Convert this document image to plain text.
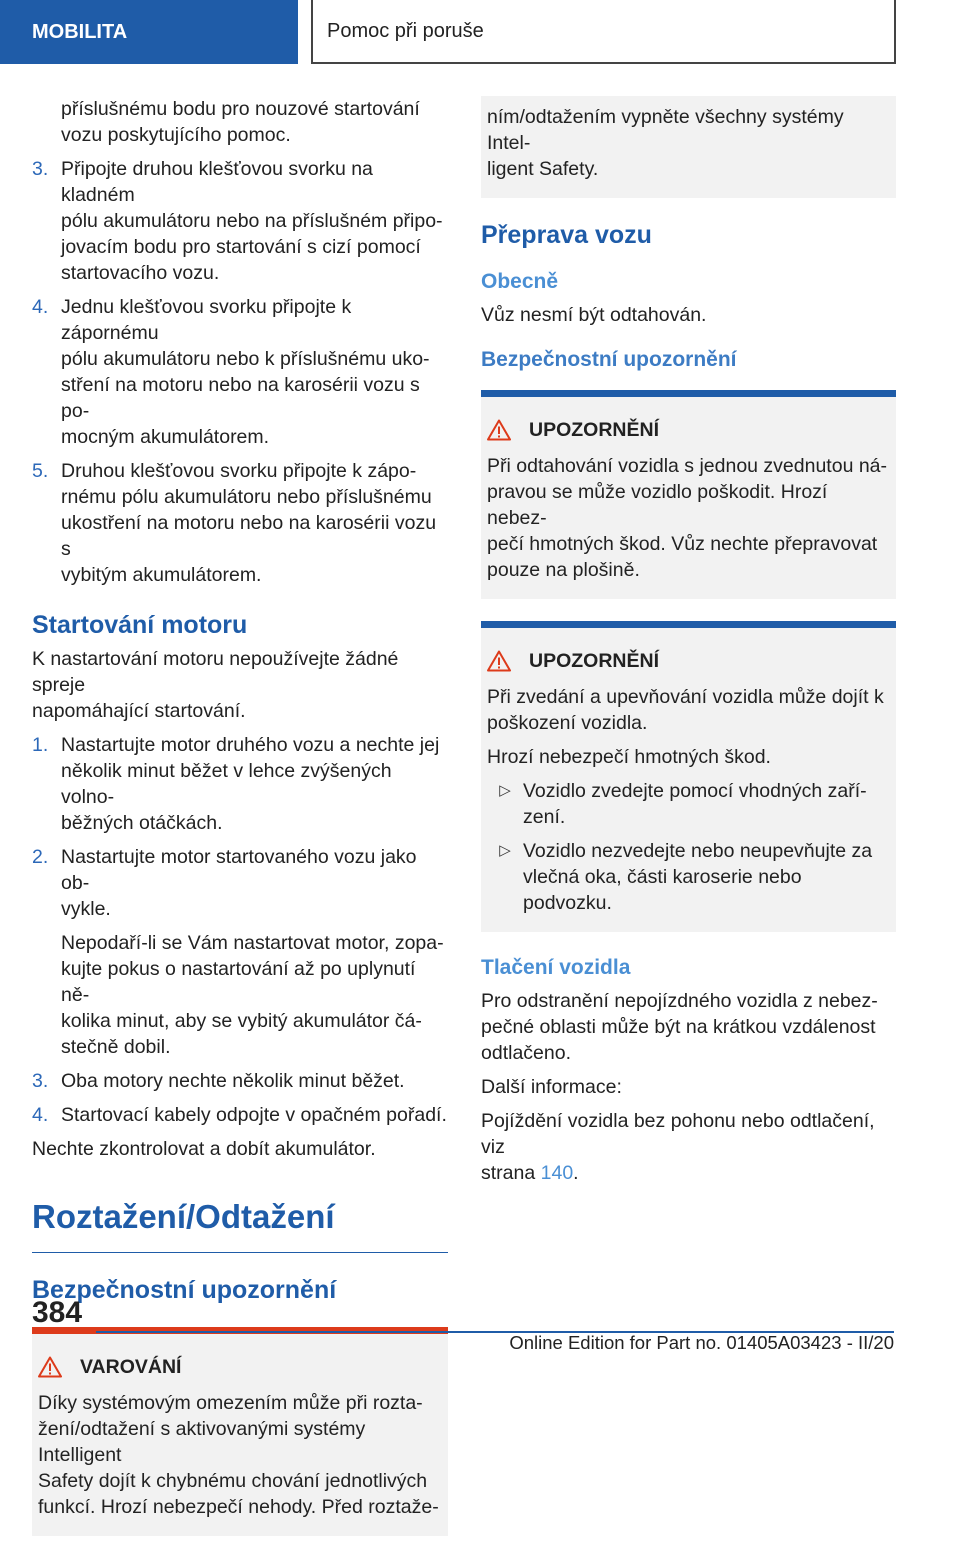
MOBILITA	Pomoc při poruše

příslušnému bodu pro nouzové startování
vozu poskytujícího pomoc.

3. Připojte druhou klešťovou svorku na kladném
pólu akumulátoru nebo na příslušném připo-
jovacím bodu pro startování s cizí pomocí
startovacího vozu.
4. Jednu klešťovou svorku připojte k zápornému
pólu akumulátoru nebo k příslušnému uko-
stření na motoru nebo na karosérii vozu s po-
mocným akumulátorem.
5. Druhou klešťovou svorku připojte k zápo-
rnému pólu akumulátoru nebo příslušnému
ukostření na motoru nebo na karosérii vozu s
vybitým akumulátorem.
Startování motoru

K nastartování motoru nepoužívejte žádné spreje
napomáhající startování.

1. Nastartujte motor druhého vozu a nechte jej
několik minut běžet v lehce zvýšených volno-
běžných otáčkách.
2. Nastartujte motor startovaného vozu jako ob-
vykle.

Nepodaří-li se Vám nastartovat motor, zopa-
kujte pokus o nastartování až po uplynutí ně-
kolika minut, aby se vybitý akumulátor čá-
stečně dobil.

3. Oba motory nechte několik minut běžet.
4. Startovací kabely odpojte v opačném pořadí.

Nechte zkontrolovat a dobít akumulátor.

Roztažení/Odtažení
Bezpečnostní upozornění
VAROVÁNÍ
Díky systémovým omezením může při rozta-
žení/odtažení s aktivovanými systémy Intelligent
Safety dojít k chybnému chování jednotlivých
funkcí. Hrozí nebezpečí nehody. Před roztaže-
ním/odtažením vypněte všechny systémy Intel-
ligent Safety.
Přeprava vozu
Obecně

Vůz nesmí být odtahován.

Bezpečnostní upozornění
UPOZORNĚNÍ
Při odtahování vozidla s jednou zvednutou ná-
pravou se může vozidlo poškodit. Hrozí nebez-
pečí hmotných škod. Vůz nechte přepravovat
pouze na plošině.
UPOZORNĚNÍ

Při zvedání a upevňování vozidla může dojít k
poškození vozidla.

Hrozí nebezpečí hmotných škod.

▷ Vozidlo zvedejte pomocí vhodných zaří-
zení.
▷ Vozidlo nezvedejte nebo neupevňujte za
vlečná oka, části karoserie nebo podvozku.
Tlačení vozidla

Pro odstranění nepojízdného vozidla z nebez-
pečné oblasti může být na krátkou vzdálenost
odtlačeno.

Další informace:

Pojíždění vozidla bez pohonu nebo odtlačení, viz
strana 140.

384
Online Edition for Part no. 01405A03423 - II/20
